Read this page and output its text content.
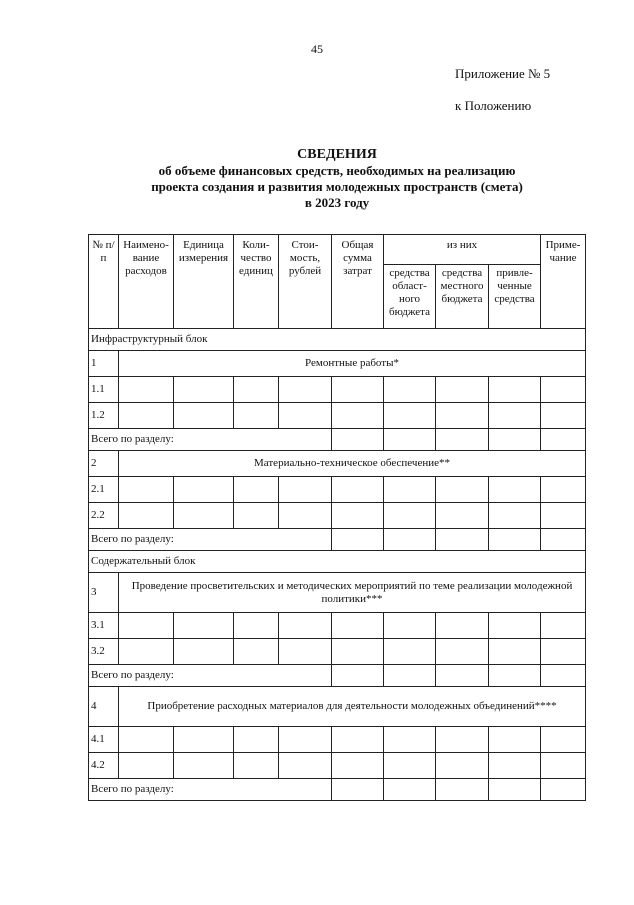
45
Приложение № 5
к Положению
СВЕДЕНИЯ
об объеме финансовых средств, необходимых на реализацию
проекта создания и развития молодежных пространств (смета)
в 2023 году
№ п/п	Наимено-вание расходов	Единица измерения	Коли-чество единиц	Стои-мость, рублей	Общая сумма затрат	из них			Приме-чание
						средства област-ного бюджета	средства местного бюджета	привле-ченные средства	
Инфраструктурный блок									
1	Ремонтные работы*								
1.1									
1.2									
Всего по разделу:									
2	Материально-техническое обеспечение**								
2.1									
2.2									
Всего по разделу:									
Содержательный блок									
3	Проведение просветительских и методических мероприятий по теме реализации молодежной политики***								
3.1									
3.2									
Всего по разделу:									
4	Приобретение расходных материалов для деятельности молодежных объединений****								
4.1									
4.2									
Всего по разделу:									
